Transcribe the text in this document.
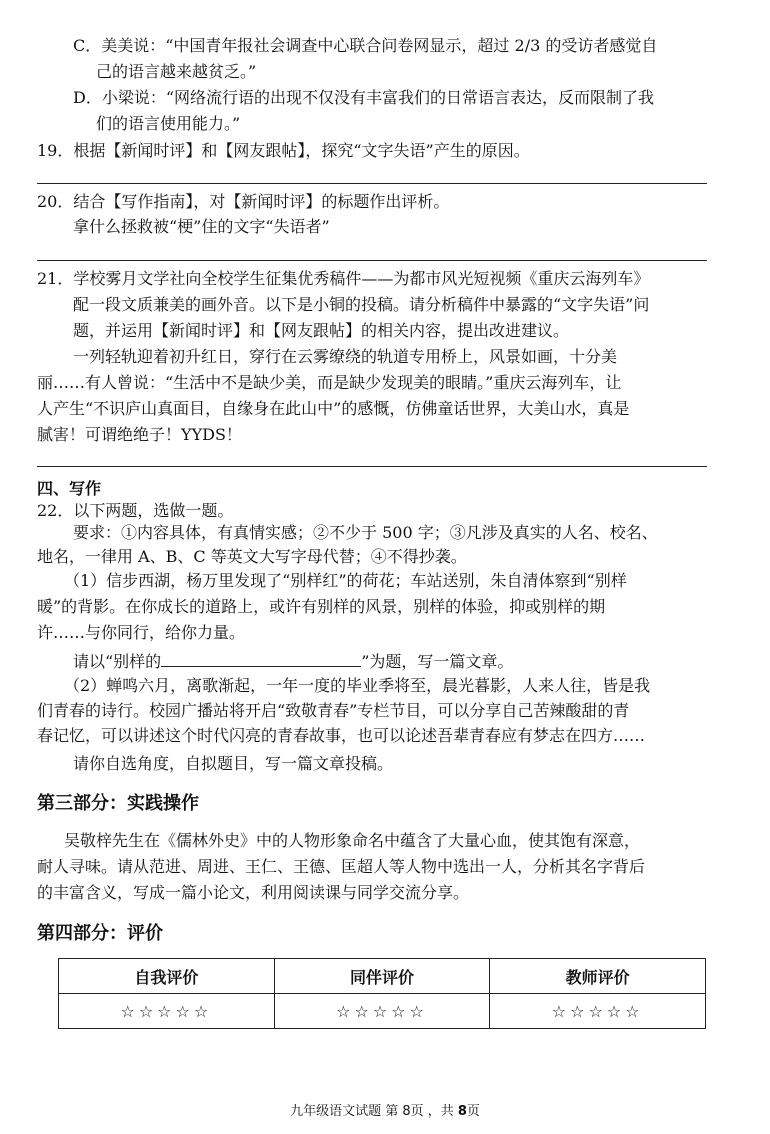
C．美美说：“中国青年报社会调查中心联合问卷网显示，超过 2/3 的受访者感觉自
己的语言越来越贫乏。”
D．小梁说：“网络流行语的出现不仅没有丰富我们的日常语言表达，反而限制了我
们的语言使用能力。”
19．根据【新闻时评】和【网友跟帖】，探究“文字失语”产生的原因。
20．结合【写作指南】，对【新闻时评】的标题作出评析。
拿什么拯救被“梗”住的文字“失语者”
21．学校雾月文学社向全校学生征集优秀稿件——为都市风光短视频《重庆云海列车》
配一段文质兼美的画外音。以下是小铜的投稿。请分析稿件中暴露的“文字失语”问
题，并运用【新闻时评】和【网友跟帖】的相关内容，提出改进建议。
一列轻轨迎着初升红日，穿行在云雾缭绕的轨道专用桥上，风景如画，十分美
丽……有人曾说：“生活中不是缺少美，而是缺少发现美的眼睛。”重庆云海列车，让
人产生“不识庐山真面目，自缘身在此山中”的感慨，仿佛童话世界，大美山水，真是
腻害！可谓绝绝子！YYDS！
四、写作
22．以下两题，选做一题。
要求：①内容具体，有真情实感；②不少于 500 字；③凡涉及真实的人名、校名、
地名，一律用 A、B、C 等英文大写字母代替；④不得抄袭。
（1）信步西湖，杨万里发现了“别样红”的荷花；车站送别，朱自清体察到“别样
暖”的背影。在你成长的道路上，或许有别样的风景，别样的体验，抑或别样的期
许……与你同行，给你力量。
请以“别样的	”为题，写一篇文章。
（2）蝉鸣六月，离歌渐起，一年一度的毕业季将至，晨光暮影，人来人往，皆是我
们青春的诗行。校园广播站将开启“致敬青春”专栏节目，可以分享自己苦辣酸甜的青
春记忆，可以讲述这个时代闪亮的青春故事，也可以论述吾辈青春应有梦志在四方……
请你自选角度，自拟题目，写一篇文章投稿。
第三部分：实践操作
吴敬梓先生在《儒林外史》中的人物形象命名中蕴含了大量心血，使其饱有深意，
耐人寻味。请从范进、周进、王仁、王德、匡超人等人物中选出一人，分析其名字背后
的丰富含义，写成一篇小论文，利用阅读课与同学交流分享。
第四部分：评价
自我评价	同伴评价	教师评价
☆☆☆☆☆	☆☆☆☆☆	☆☆☆☆☆
九年级语文试题 第 8页 ，共 8页
